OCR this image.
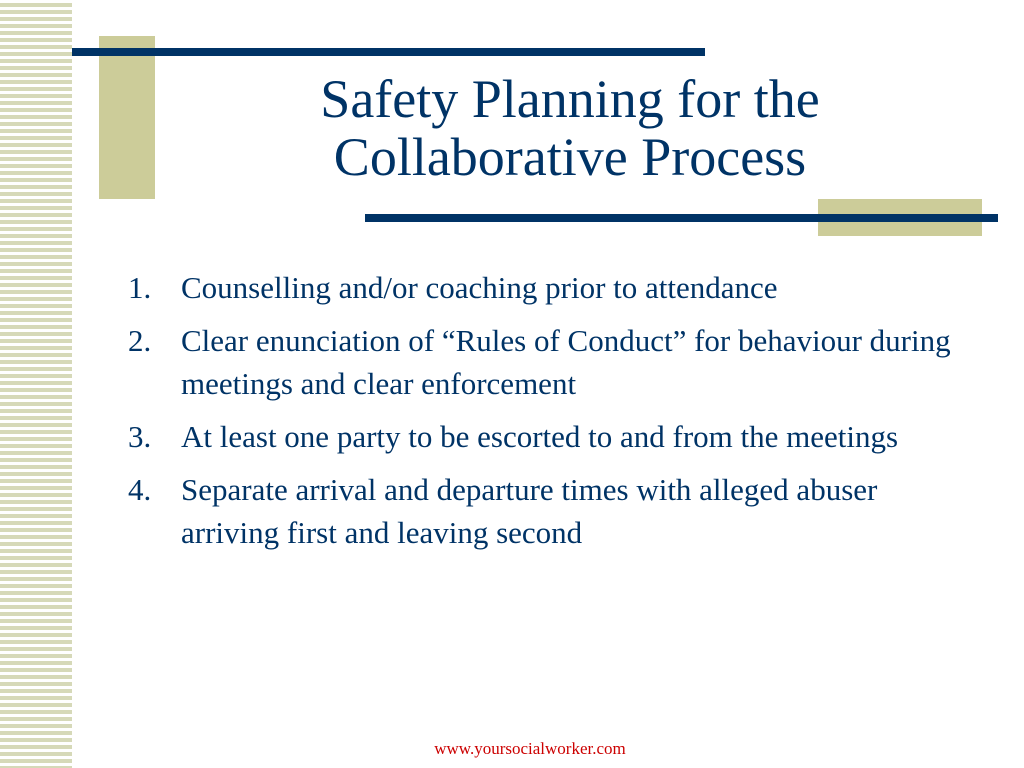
Safety Planning for the
Collaborative Process
1. Counselling and/or coaching prior to attendance
2. Clear enunciation of “Rules of Conduct” for behaviour during meetings and clear enforcement
3. At least one party to be escorted to and from the meetings
4. Separate arrival and departure times with alleged abuser arriving first and leaving second
www.yoursocialworker.com
